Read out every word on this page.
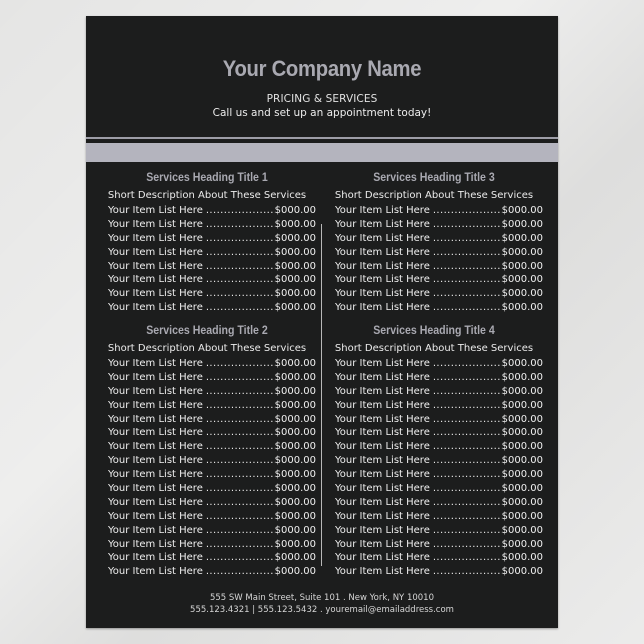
Your Company Name
PRICING & SERVICES
Call us and set up an appointment today!
Services Heading Title 1
Short Description About These Services
Your Item List Here .....	$000.00
Your Item List Here .....	$000.00
Your Item List Here .....	$000.00
Your Item List Here .....	$000.00
Your Item List Here .....	$000.00
Your Item List Here .....	$000.00
Your Item List Here .....	$000.00
Your Item List Here .....	$000.00
Services Heading Title 2
Short Description About These Services
Your Item List Here .....	$000.00
Your Item List Here .....	$000.00
Your Item List Here .....	$000.00
Your Item List Here .....	$000.00
Your Item List Here .....	$000.00
Your Item List Here .....	$000.00
Your Item List Here .....	$000.00
Your Item List Here .....	$000.00
Your Item List Here .....	$000.00
Your Item List Here .....	$000.00
Your Item List Here .....	$000.00
Your Item List Here .....	$000.00
Your Item List Here .....	$000.00
Your Item List Here .....	$000.00
Your Item List Here .....	$000.00
Your Item List Here .....	$000.00
Services Heading Title 3
Short Description About These Services
Your Item List Here .....	$000.00
Your Item List Here .....	$000.00
Your Item List Here .....	$000.00
Your Item List Here .....	$000.00
Your Item List Here .....	$000.00
Your Item List Here .....	$000.00
Your Item List Here .....	$000.00
Your Item List Here .....	$000.00
Services Heading Title 4
Short Description About These Services
Your Item List Here .....	$000.00
Your Item List Here .....	$000.00
Your Item List Here .....	$000.00
Your Item List Here .....	$000.00
Your Item List Here .....	$000.00
Your Item List Here .....	$000.00
Your Item List Here .....	$000.00
Your Item List Here .....	$000.00
Your Item List Here .....	$000.00
Your Item List Here .....	$000.00
Your Item List Here .....	$000.00
Your Item List Here .....	$000.00
Your Item List Here .....	$000.00
Your Item List Here .....	$000.00
Your Item List Here .....	$000.00
Your Item List Here .....	$000.00
555 SW Main Street, Suite 101 . New York, NY 10010
555.123.4321 | 555.123.5432 . youremail@emailaddress.com
